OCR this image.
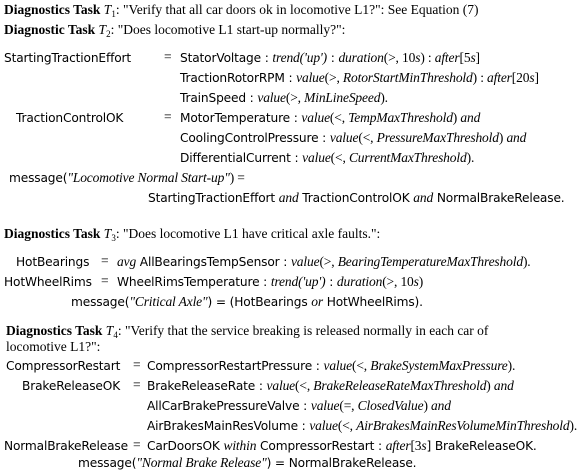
Diagnostics Task $T_1$: "Verify that all car doors ok in locomotive L1?": See Equation (7)
Diagnostic Task $T_2$: "Does locomotive L1 start-up normally?":
StartingTractionEffort = StatorVoltage : trend('up') : duration(>, 10s) : after[5s]
TractionRotorRPM : value(>, RotorStartMinThreshold) : after[20s]
TrainSpeed : value(>, MinLineSpeed).
TractionControlOK	= MotorTemperature : value(<, TempMaxThreshold) and
CoolingControlPressure : value(<, PressureMaxThreshold) and
DifferentialCurrent : value(<, CurrentMaxThreshold).
message("Locomotive Normal Start-up") =
StartingTractionEffort and TractionControlOK and NormalBrakeRelease.
Diagnostics Task $T_3$: "Does locomotive L1 have critical axle faults.":
HotBearings = avg AllBearingsTempSensor : value(>, BearingTemperatureMaxThreshold).
HotWheelRims = WheelRimsTemperature : trend('up') : duration(>, 10s)
message("Critical Axle") = (HotBearings or HotWheelRims).
Diagnostics Task $T_4$: "Verify that the service breaking is released normally in each car of
locomotive L1?":
CompressorRestart = CompressorRestartPressure : value(<, BrakeSystemMaxPressure).
BrakeReleaseOK = BrakeReleaseRate : value(<, BrakeReleaseRateMaxThreshold) and
AllCarBrakePressureValve : value(=, ClosedValue) and
AirBrakesMainResVolume : value(<, AirBrakesMainResVolumeMinThreshold).
NormalBrakeRelease = CarDoorsOK within CompressorRestart : after[3s] BrakeReleaseOK.
message("Normal Brake Release") = NormalBrakeRelease.
